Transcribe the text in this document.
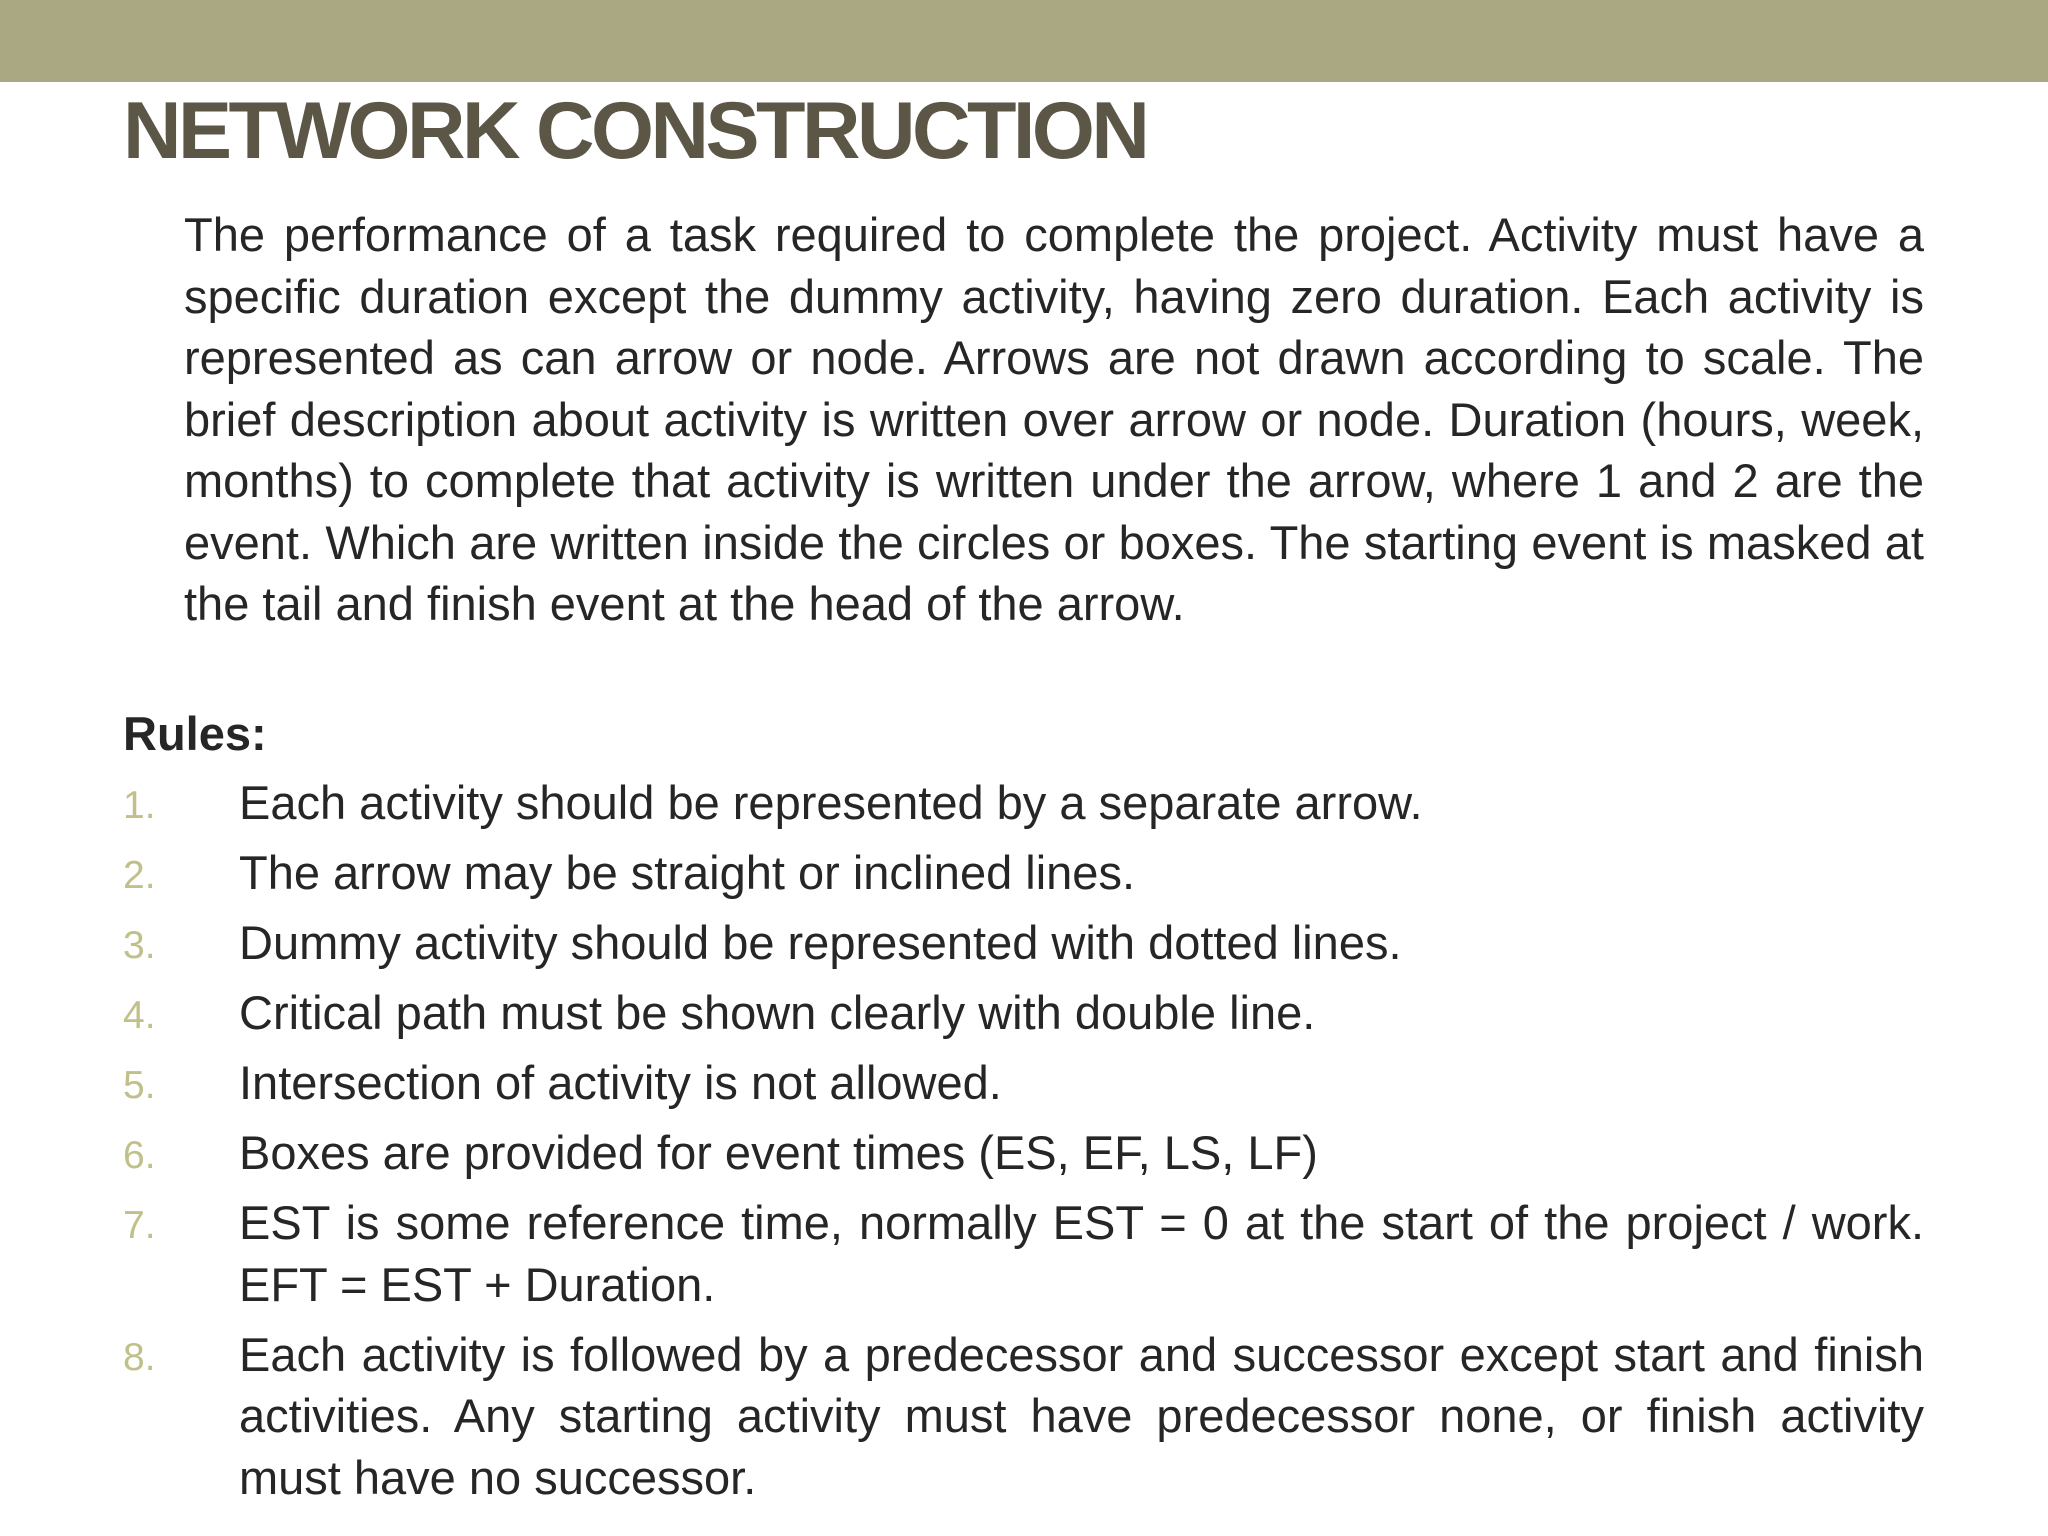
NETWORK CONSTRUCTION

The performance of a task required to complete the project. Activity must have a specific duration except the dummy activity, having zero duration. Each activity is represented as can arrow or node. Arrows are not drawn according to scale. The brief description about activity is written over arrow or node. Duration (hours, week, months) to complete that activity is written under the arrow, where 1 and 2 are the event. Which are written inside the circles or boxes. The starting event is masked at the tail and finish event at the head of the arrow.

Rules:
1. Each activity should be represented by a separate arrow.
2. The arrow may be straight or inclined lines.
3. Dummy activity should be represented with dotted lines.
4. Critical path must be shown clearly with double line.
5. Intersection of activity is not allowed.
6. Boxes are provided for event times (ES, EF, LS, LF)
7. EST is some reference time, normally EST = 0 at the start of the project / work. EFT = EST + Duration.
8. Each activity is followed by a predecessor and successor except start and finish activities. Any starting activity must have predecessor none, or finish activity must have no successor.
